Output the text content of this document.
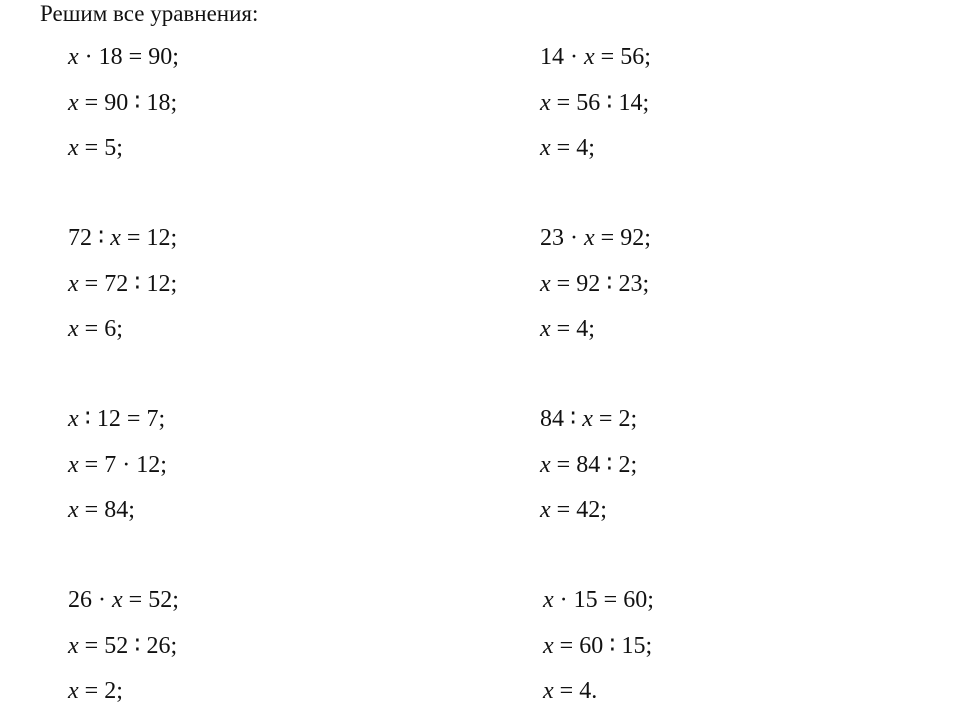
Решим все уравнения:
x · 18 = 90;
x = 90 ∶ 18;
x = 5;
14 · x = 56;
x = 56 ∶ 14;
x = 4;
72 ∶ x = 12;
x = 72 ∶ 12;
x = 6;
23 · x = 92;
x = 92 ∶ 23;
x = 4;
x ∶ 12 = 7;
x = 7 · 12;
x = 84;
84 ∶ x = 2;
x = 84 ∶ 2;
x = 42;
26 · x = 52;
x = 52 ∶ 26;
x = 2;
x · 15 = 60;
x = 60 ∶ 15;
x = 4.
